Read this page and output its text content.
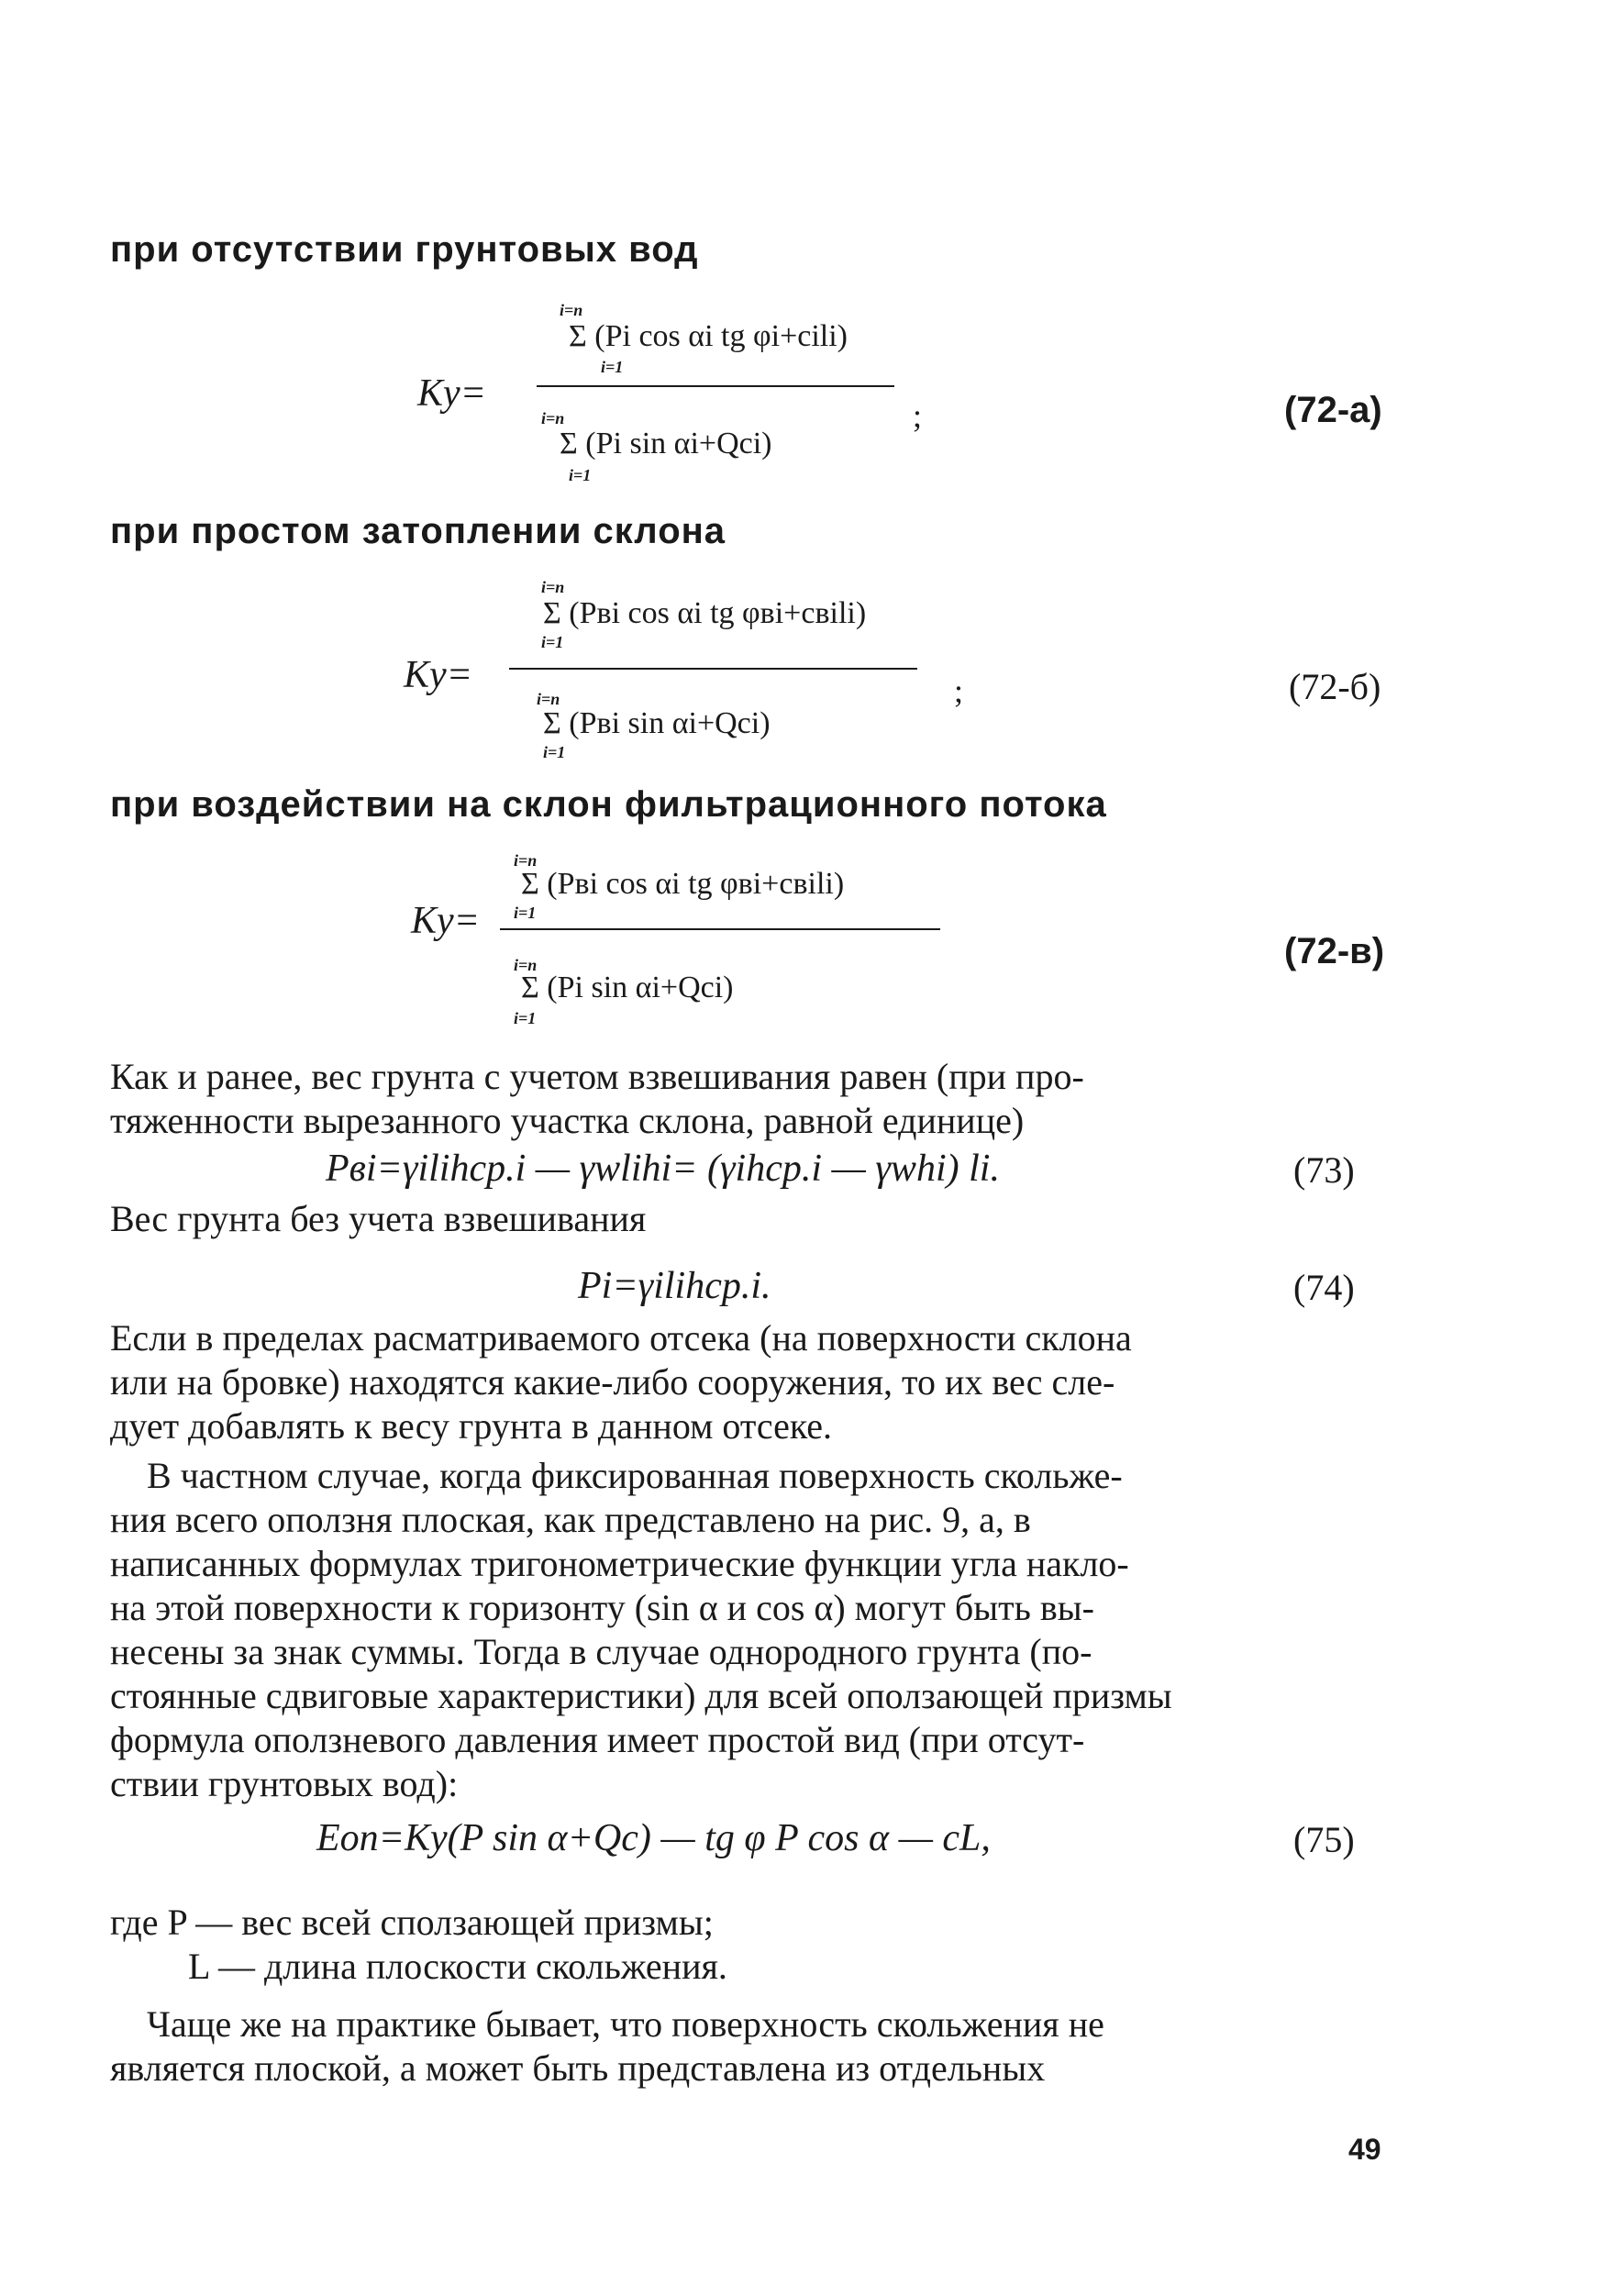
при отсутствии грунтовых вод
Kу=
i=n
Σ (Pi cos αi tg φi+cili)
i=1
i=n
Σ (Pi sin αi+Qci)
i=1
;	(72-а)
при простом затоплении склона
Kу=
i=n
Σ (Pвi cos αi tg φвi+cвili)
i=1
i=n
Σ (Pвi sin αi+Qci)
i=1
;	(72-б)
при воздействии на склон фильтрационного потока
Kу=
i=n
Σ (Pвi cos αi tg φвi+cвili)
i=1
i=n
Σ (Pi sin αi+Qci)
i=1
(72-в)
Как и ранее, вес грунта с учетом взвешивания равен (при про-
тяженности вырезанного участка склона, равной единице)
Pвi=γilihср.i — γwlihi= (γihср.i — γwhi) li.	(73)
Вес грунта без учета взвешивания
Pi=γilihср.i.	(74)
Если в пределах расматриваемого отсека (на поверхности склона
или на бровке) находятся какие-либо сооружения, то их вес сле-
дует добавлять к весу грунта в данном отсеке.
В частном случае, когда фиксированная поверхность скольже-
ния всего оползня плоская, как представлено на рис. 9, а, в
написанных формулах тригонометрические функции угла накло-
на этой поверхности к горизонту (sin α и cos α) могут быть вы-
несены за знак суммы. Тогда в случае однородного грунта (по-
стоянные сдвиговые характеристики) для всей оползающей призмы
формула оползневого давления имеет простой вид (при отсут-
ствии грунтовых вод):
Eоп=Kу(P sin α+Qc) — tg φ P cos α — cL,	(75)
где P — вес всей сползающей призмы;
L — длина плоскости скольжения.
Чаще же на практике бывает, что поверхность скольжения не
является плоской, а может быть представлена из отдельных
49
